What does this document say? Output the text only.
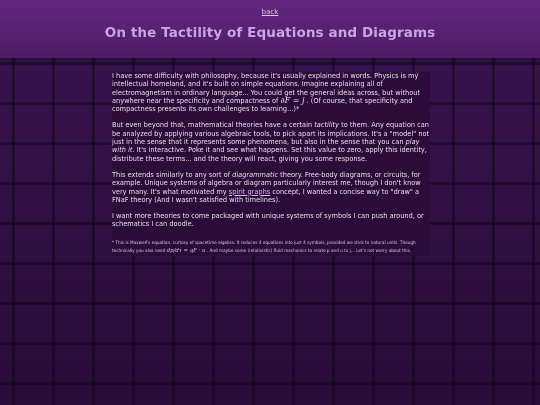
back
On the Tactility of Equations and Diagrams

I have some difficulty with philosophy, because it's usually explained in words. Physics is my intellectual homeland, and it's built on simple equations. Imagine explaining all of electromagnetism in ordinary language... You could get the general ideas across, but without anywhere near the specificity and compactness of ∂F = j . (Of course, that specificity and compactness presents its own challenges to learning...)*

But even beyond that, mathematical theories have a certain tactility to them. Any equation can be analyzed by applying various algebraic tools, to pick apart its implications. It's a "model" not just in the sense that it represents some phenomena, but also in the sense that you can play with it. It's interactive. Poke it and see what happens. Set this value to zero, apply this identity, distribute these terms... and the theory will react, giving you some response.

This extends similarly to any sort of diagrammatic theory. Free-body diagrams, or circuits, for example. Unique systems of algebra or diagram particularly interest me, though I don't know very many. It's what motivated my spirit graphs concept, I wanted a concise way to "draw" a FNaF theory (And I wasn't satisfied with timelines).

I want more theories to come packaged with unique systems of symbols I can push around, or schematics I can doodle.

* This is Maxwell's equation, curtosy of spacetime algebra. It reduces 4 equations into just 4 symbols, provided we stick to natural units. Though technically you also need dp/dτ = qF · u . And maybe some (relativistic) fluid mechanics to relate p and u to j... Let's not worry about this.
